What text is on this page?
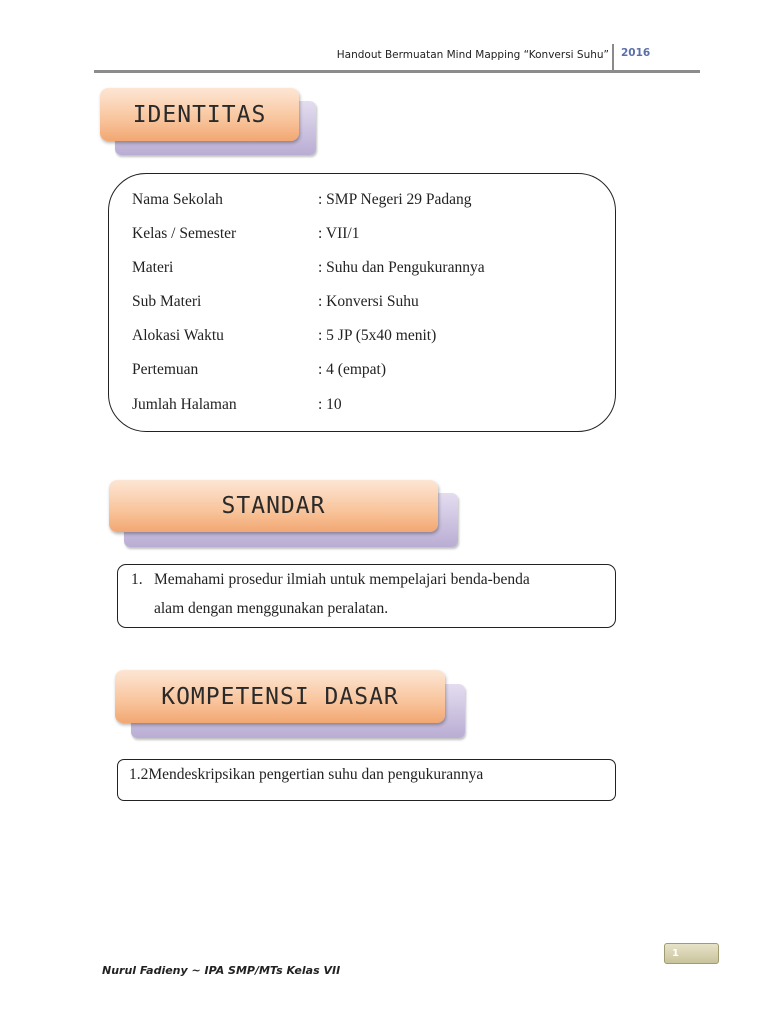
Handout Bermuatan Mind Mapping “Konversi Suhu” 2016
IDENTITAS
Nama Sekolah	: SMP Negeri 29 Padang
Kelas / Semester	: VII/1
Materi	: Suhu dan Pengukurannya
Sub Materi	: Konversi Suhu
Alokasi Waktu	: 5 JP (5x40 menit)
Pertemuan	: 4 (empat)
Jumlah Halaman	: 10
STANDAR
1. Memahami prosedur ilmiah untuk mempelajari benda-benda
alam dengan menggunakan peralatan.
KOMPETENSI DASAR
1.2Mendeskripsikan pengertian suhu dan pengukurannya
Nurul Fadieny ~ IPA SMP/MTs Kelas VII
1
